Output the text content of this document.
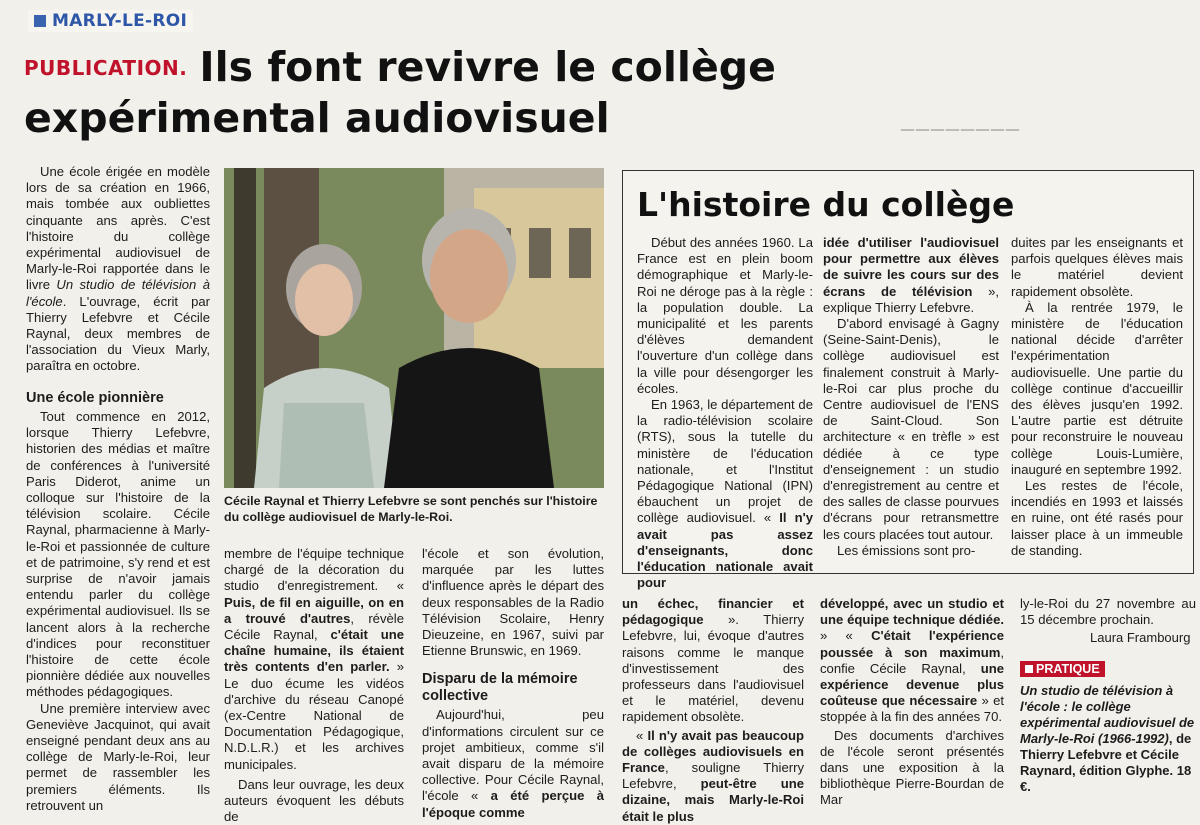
————————
MARLY-LE-ROI
PUBLICATION. Ils font revivre le collège
expérimental audiovisuel

Une école érigée en modèle lors de sa création en 1966, mais tombée aux oubliettes cinquante ans après. C'est l'histoire du collège expérimental audiovisuel de Marly-le-Roi rapportée dans le livre Un studio de télévision à l'école. L'ouvrage, écrit par Thierry Lefebvre et Cécile Raynal, deux membres de l'association du Vieux Marly, paraîtra en octobre.

Une école pionnière

Tout commence en 2012, lorsque Thierry Lefebvre, historien des médias et maître de conférences à l'université Paris Diderot, anime un colloque sur l'histoire de la télévision scolaire. Cécile Raynal, pharmacienne à Marly-le-Roi et passionnée de culture et de patrimoine, s'y rend et est surprise de n'avoir jamais entendu parler du collège expérimental audiovisuel. Ils se lancent alors à la recherche d'indices pour reconstituer l'histoire de cette école pionnière dédiée aux nouvelles méthodes pédagogiques.

Une première interview avec Geneviève Jacquinot, qui avait enseigné pendant deux ans au collège de Marly-le-Roi, leur permet de rassembler les premiers éléments. Ils retrouvent un

Cécile Raynal et Thierry Lefebvre se sont penchés sur l'histoire du collège audiovisuel de Marly-le-Roi.

membre de l'équipe technique chargé de la décoration du studio d'enregistrement. « Puis, de fil en aiguille, on en a trouvé d'autres, révèle Cécile Raynal, c'était une chaîne humaine, ils étaient très contents d'en parler. » Le duo écume les vidéos d'archive du réseau Canopé (ex-Centre National de Documentation Pédagogique, N.D.L.R.) et les archives municipales.

Dans leur ouvrage, les deux auteurs évoquent les débuts de

l'école et son évolution, marquée par les luttes d'influence après le départ des deux responsables de la Radio Télévision Scolaire, Henry Dieuzeine, en 1967, suivi par Etienne Brunswic, en 1969.

Disparu de la mémoire collective

Aujourd'hui, peu d'informations circulent sur ce projet ambitieux, comme s'il avait disparu de la mémoire collective. Pour Cécile Raynal, l'école « a été perçue à l'époque comme

L'histoire du collège

Début des années 1960. La France est en plein boom démographique et Marly-le-Roi ne déroge pas à la règle : la population double. La municipalité et les parents d'élèves demandent l'ouverture d'un collège dans la ville pour désengorger les écoles.

En 1963, le département de la radio-télévision scolaire (RTS), sous la tutelle du ministère de l'éducation nationale, et l'Institut Pédagogique National (IPN) ébauchent un projet de collège audiovisuel. « Il n'y avait pas assez d'enseignants, donc l'éducation nationale avait pour

idée d'utiliser l'audiovisuel pour permettre aux élèves de suivre les cours sur des écrans de télévision », explique Thierry Lefebvre.

D'abord envisagé à Gagny (Seine-Saint-Denis), le collège audiovisuel est finalement construit à Marly-le-Roi car plus proche du Centre audiovisuel de l'ENS de Saint-Cloud. Son architecture « en trèfle » est dédiée à ce type d'enseignement : un studio d'enregistrement au centre et des salles de classe pourvues d'écrans pour retransmettre les cours placées tout autour.

Les émissions sont pro-

duites par les enseignants et parfois quelques élèves mais le matériel devient rapidement obsolète.

À la rentrée 1979, le ministère de l'éducation national décide d'arrêter l'expérimentation audiovisuelle. Une partie du collège continue d'accueillir des élèves jusqu'en 1992. L'autre partie est détruite pour reconstruire le nouveau collège Louis-Lumière, inauguré en septembre 1992.

Les restes de l'école, incendiés en 1993 et laissés en ruine, ont été rasés pour laisser place à un immeuble de standing.

un échec, financier et pédagogique ». Thierry Lefebvre, lui, évoque d'autres raisons comme le manque d'investissement des professeurs dans l'audiovisuel et le matériel, devenu rapidement obsolète.

« Il n'y avait pas beaucoup de collèges audiovisuels en France, souligne Thierry Lefebvre, peut-être une dizaine, mais Marly-le-Roi était le plus

développé, avec un studio et une équipe technique dédiée. » « C'était l'expérience poussée à son maximum, confie Cécile Raynal, une expérience devenue plus coûteuse que nécessaire » et stoppée à la fin des années 70.

Des documents d'archives de l'école seront présentés dans une exposition à la bibliothèque Pierre-Bourdan de Mar

ly-le-Roi du 27 novembre au 15 décembre prochain.

Laura Frambourg
PRATIQUE
Un studio de télévision à l'école : le collège expérimental audiovisuel de Marly-le-Roi (1966-1992), de Thierry Lefebvre et Cécile Raynard, édition Glyphe. 18 €.
